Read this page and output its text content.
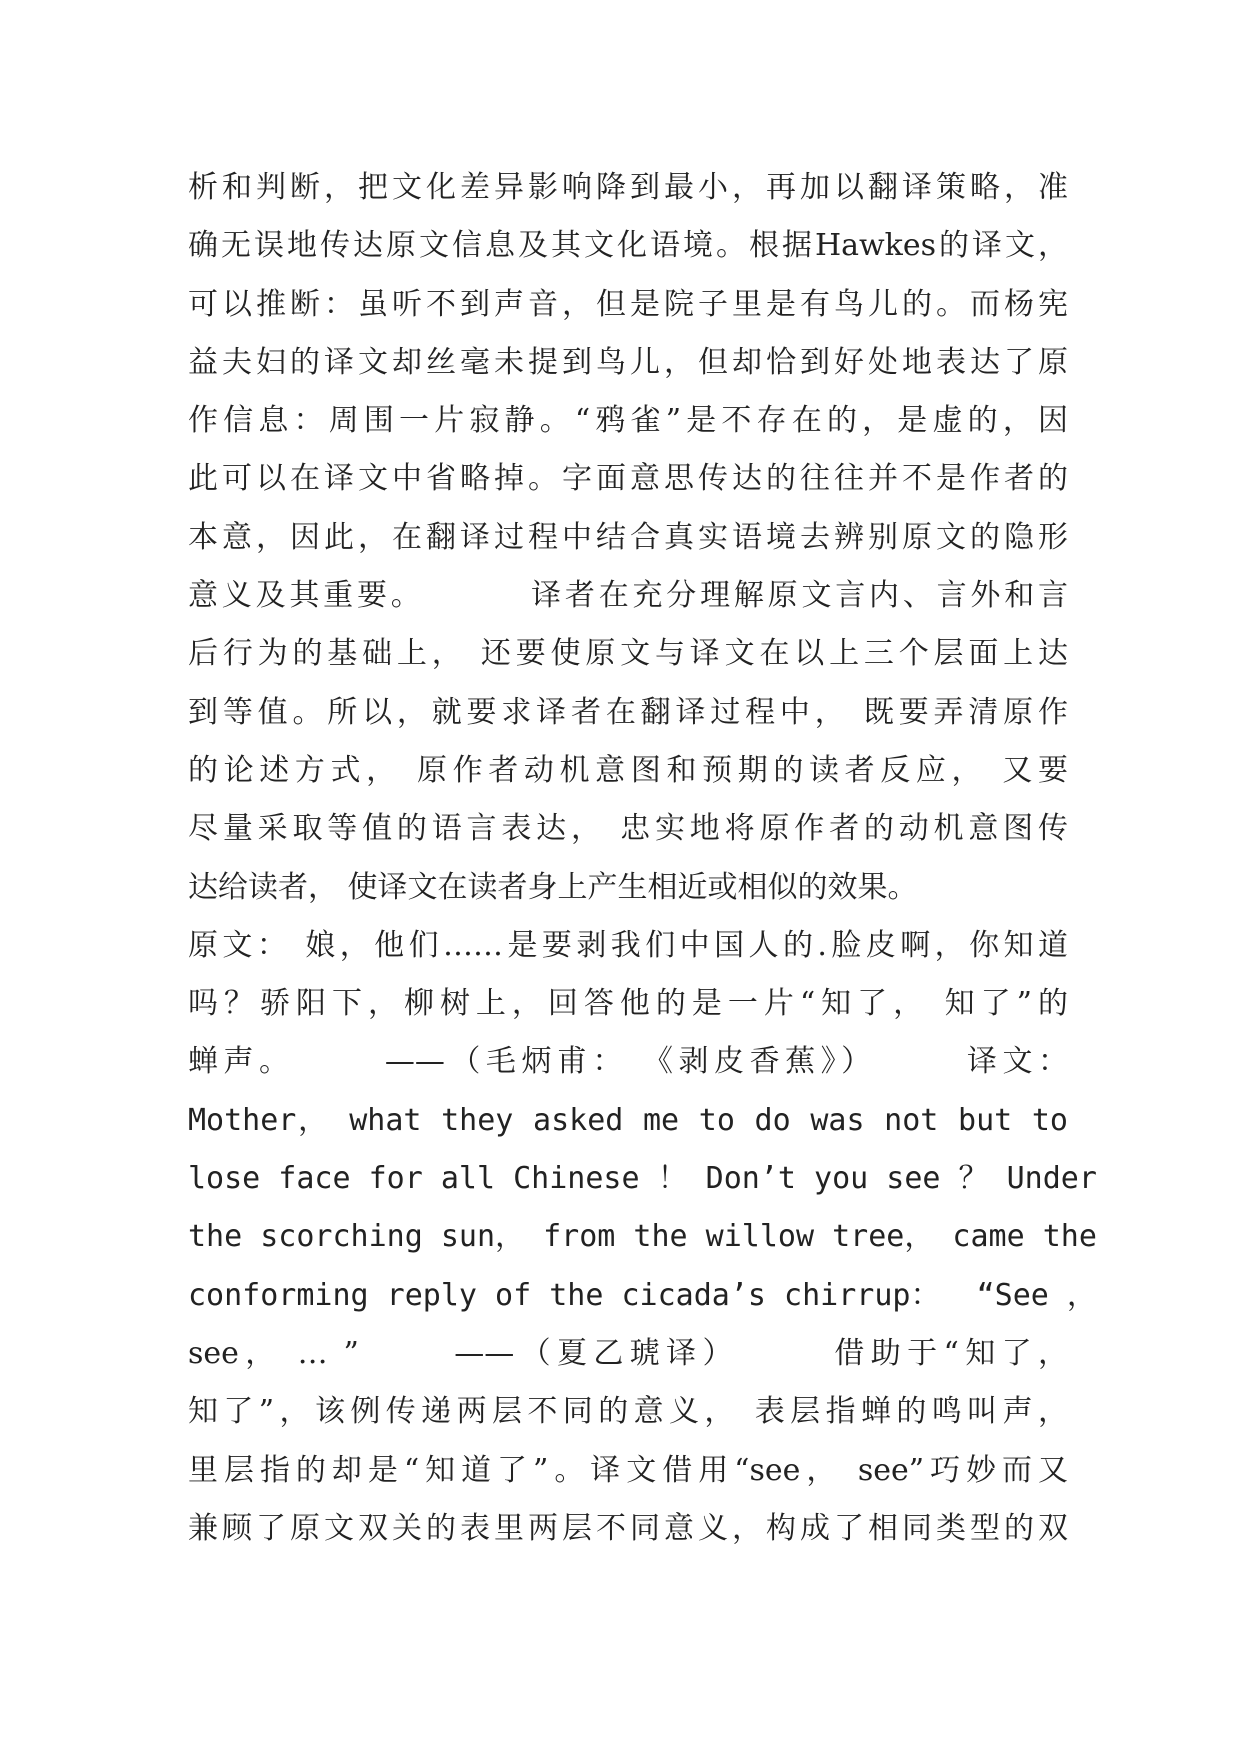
析和判断，把文化差异影响降到最小，再加以翻译策略，准
确无误地传达原文信息及其文化语境。根据Hawkes的译文，
可以推断：虽听不到声音，但是院子里是有鸟儿的。而杨宪
益夫妇的译文却丝毫未提到鸟儿，但却恰到好处地表达了原
作信息：周围一片寂静。“鸦雀”是不存在的，是虚的，因
此可以在译文中省略掉。字面意思传达的往往并不是作者的
本意，因此，在翻译过程中结合真实语境去辨别原文的隐形
意义及其重要。        译者在充分理解原文言内、言外和言
后行为的基础上， 还要使原文与译文在以上三个层面上达
到等值。所以，就要求译者在翻译过程中， 既要弄清原作
的论述方式， 原作者动机意图和预期的读者反应， 又要
尽量采取等值的语言表达， 忠实地将原作者的动机意图传
达给读者， 使译文在读者身上产生相近或相似的效果。
原文： 娘，他们……是要剥我们中国人的.脸皮啊，你知道
吗？骄阳下，柳树上，回答他的是一片“知了， 知了”的
蝉声。      ——（毛炳甫： 《剥皮香蕉》）      译文：
Mother， what they asked me to do was not but to
lose face for all Chinese ！ Don’t you see ？ Under
the scorching sun， from the willow tree， came the
conforming reply of the cicada’s chirrup：  “See ，
see， … ”      ——（夏乙琥译）      借助于“知了，
知了”，该例传递两层不同的意义， 表层指蝉的鸣叫声，
里层指的却是“知道了”。译文借用“see， see”巧妙而又
兼顾了原文双关的表里两层不同意义，构成了相同类型的双
